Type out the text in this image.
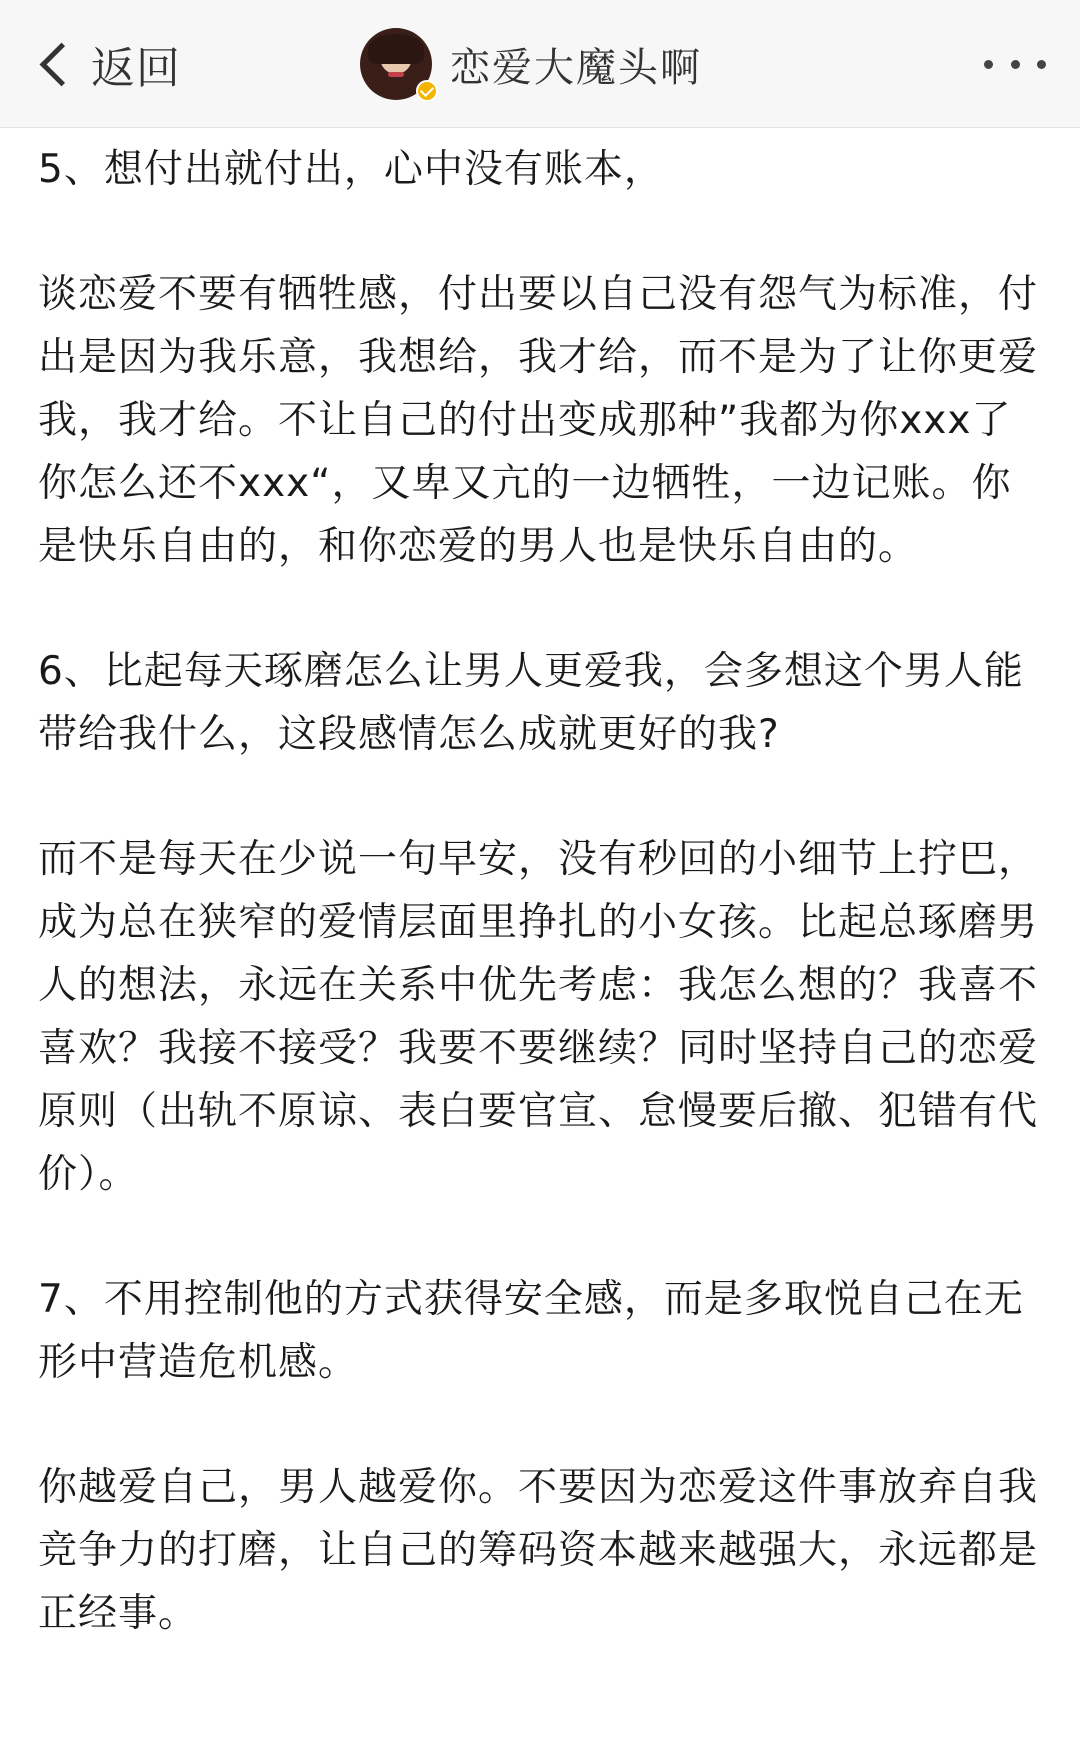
返回	恋爱大魔头啊

5、想付出就付出，心中没有账本，

谈恋爱不要有牺牲感，付出要以自己没有怨气为标准，付出是因为我乐意，我想给，我才给，而不是为了让你更爱我，我才给。不让自己的付出变成那种”我都为你xxx了你怎么还不xxx“，又卑又亢的一边牺牲，一边记账。你是快乐自由的，和你恋爱的男人也是快乐自由的。

6、比起每天琢磨怎么让男人更爱我，会多想这个男人能带给我什么，这段感情怎么成就更好的我?

而不是每天在少说一句早安，没有秒回的小细节上拧巴，成为总在狭窄的爱情层面里挣扎的小女孩。比起总琢磨男人的想法，永远在关系中优先考虑：我怎么想的？我喜不喜欢？我接不接受？我要不要继续？同时坚持自己的恋爱原则（出轨不原谅、表白要官宣、怠慢要后撤、犯错有代价）。

7、不用控制他的方式获得安全感，而是多取悦自己在无形中营造危机感。

你越爱自己，男人越爱你。不要因为恋爱这件事放弃自我竞争力的打磨，让自己的筹码资本越来越强大，永远都是正经事。
